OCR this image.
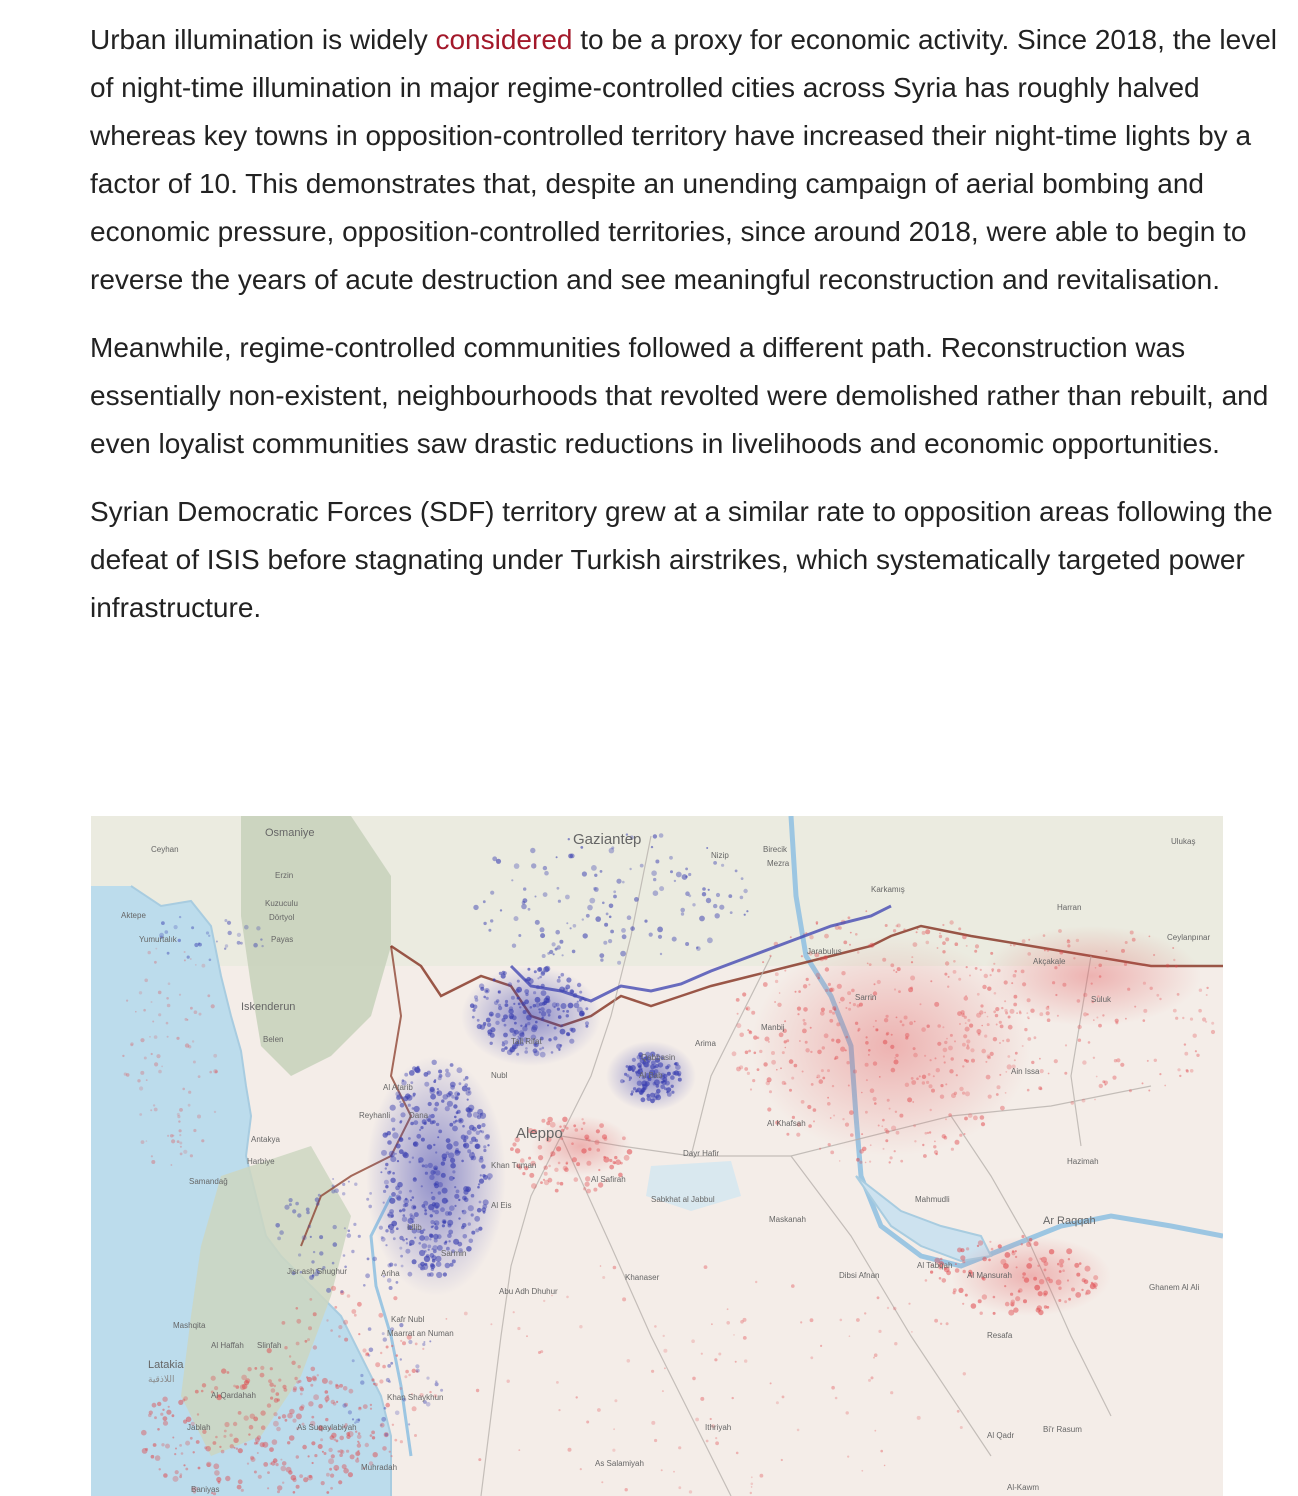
Urban illumination is widely considered to be a proxy for economic activity. Since 2018, the level of night-time illumination in major regime-controlled cities across Syria has roughly halved whereas key towns in opposition-controlled territory have increased their night-time lights by a factor of 10. This demonstrates that, despite an unending campaign of aerial bombing and economic pressure, opposition-controlled territories, since around 2018, were able to begin to reverse the years of acute destruction and see meaningful reconstruction and revitalisation.

Meanwhile, regime-controlled communities followed a different path. Reconstruction was essentially non-existent, neighbourhoods that revolted were demolished rather than rebuilt, and even loyalist communities saw drastic reductions in livelihoods and economic opportunities.

Syrian Democratic Forces (SDF) territory grew at a similar rate to opposition areas following the defeat of ISIS before stagnating under Turkish airstrikes, which systematically targeted power infrastructure.

Gaziantep
Aleppo
Ar Raqqah
Iskenderun
Osmaniye
Latakia
اللاذقية
Ceyhan
Yumurtalık
Kuzuculu
Dörtyol
Payas
Erzin
Belen
Antakya
Harbiye
Samandağ
Reyhanli
Tall Rifat
Nubl	Al Bab
Qabbasin
Arima
Khan Tuman
Al Safirah
Sabkhat al Jabbul
Dayr Hafir
Al Khafsah
Maskanah
Manbij
Sarrin
Al Tabqah
Al Mansurah
Mahmudli
Dibsi Afnan
Ain Issa
Hazimah
Suluk
Akçakale
Harran
Ceylanpınar
Ulukaş
Birecik
Nizip
Mezra
Karkamış
Jarabulus
Khanaser
Abu Adh Dhuhur
Al Eis
Al Atarib
Dana
Sarmin
Ariha
Idlib
Jisr ash Shughur
Kafr Nubl
Maarrat an Numan
Khan Shaykhun
Mashqita
Al Haffah Slinfah
Al Qardahah
Jablah
Baniyas
As Suqaylabiyah
Muhradah
Ithriyah
As Salamiyah
Resafa
Al Qadr
Bi'r Rasum
Al-Kawm
Ghanem Al Ali
Aktepe
